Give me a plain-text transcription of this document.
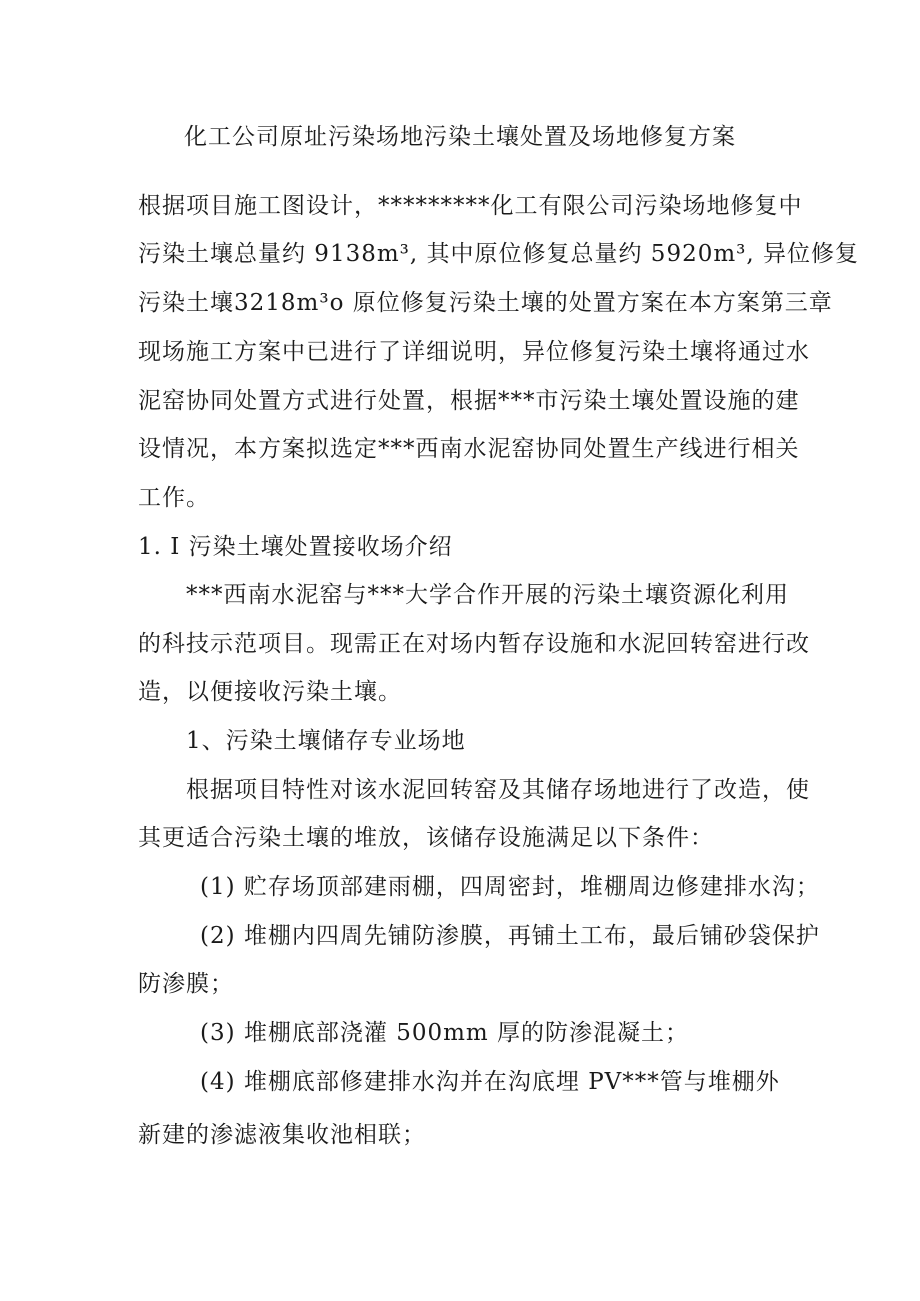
化工公司原址污染场地污染土壤处置及场地修复方案
根据项目施工图设计，*********化工有限公司污染场地修复中
污染土壤总量约 9138m³, 其中原位修复总量约 5920m³, 异位修复
污染土壤3218m³o 原位修复污染土壤的处置方案在本方案第三章
现场施工方案中已进行了详细说明，异位修复污染土壤将通过水
泥窑协同处置方式进行处置，根据***市污染土壤处置设施的建
设情况，本方案拟选定***西南水泥窑协同处置生产线进行相关
工作。
1. I 污染土壤处置接收场介绍
***西南水泥窑与***大学合作开展的污染土壤资源化利用
的科技示范项目。现需正在对场内暂存设施和水泥回转窑进行改
造，以便接收污染土壤。
1、污染土壤储存专业场地
根据项目特性对该水泥回转窑及其储存场地进行了改造，使
其更适合污染土壤的堆放，该储存设施满足以下条件：
(1) 贮存场顶部建雨棚，四周密封，堆棚周边修建排水沟；
(2) 堆棚内四周先铺防渗膜，再铺土工布，最后铺砂袋保护
防渗膜；
(3) 堆棚底部浇灌 500mm 厚的防渗混凝土；
(4) 堆棚底部修建排水沟并在沟底埋 PV***管与堆棚外
新建的渗滤液集收池相联；
